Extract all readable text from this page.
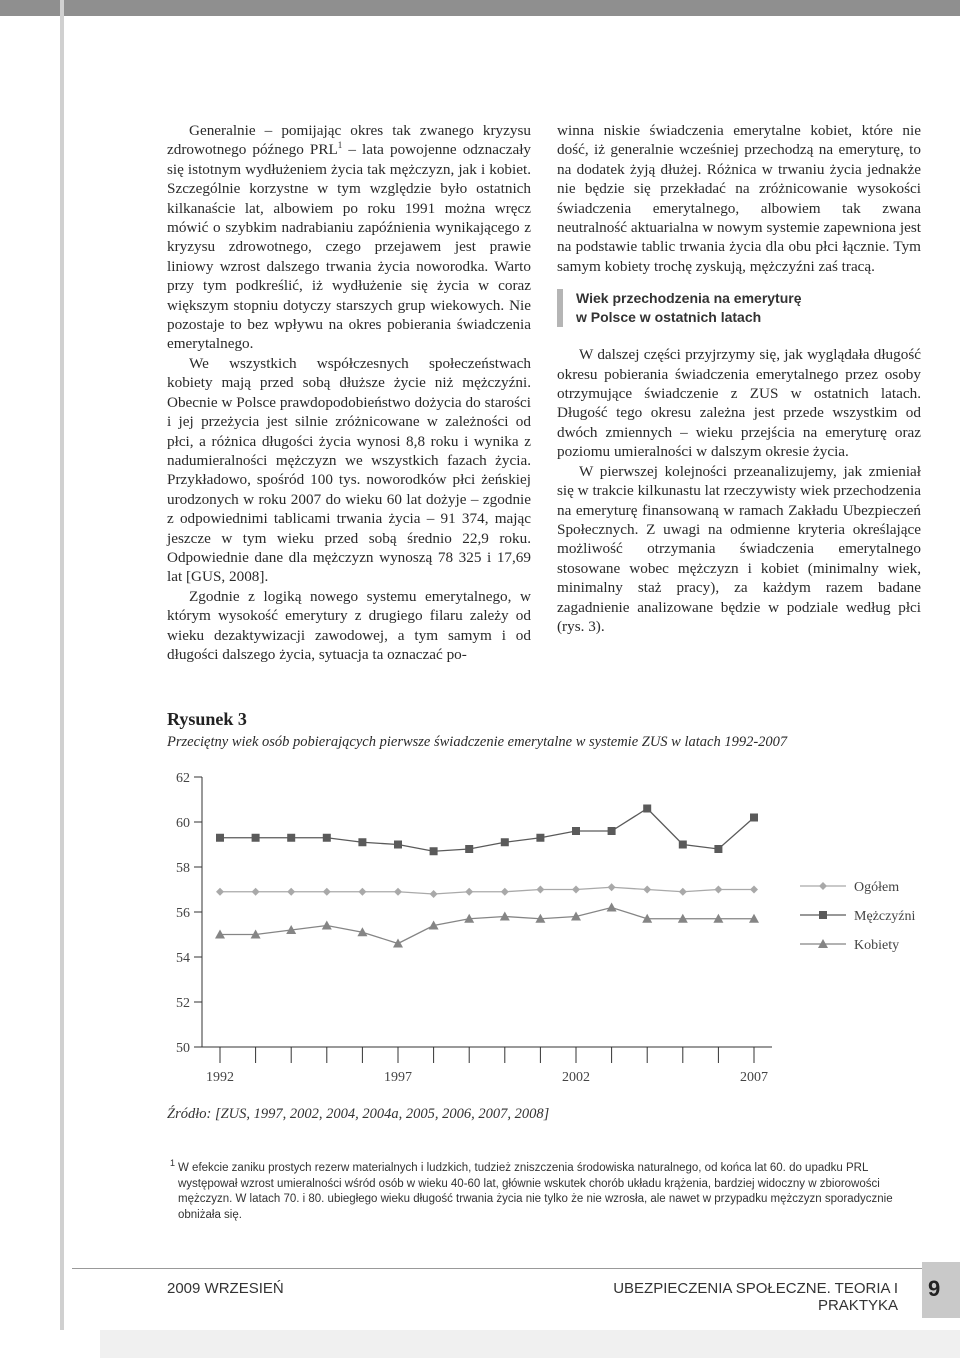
Generalnie – pomijając okres tak zwanego kryzysu zdrowotnego późnego PRL$^1$ – lata powojenne odznaczały się istotnym wydłużeniem życia tak mężczyzn, jak i kobiet. Szczególnie korzystne w tym względzie było ostatnich kilkanaście lat, albowiem po roku 1991 można wręcz mówić o szybkim nadrabianiu zapóźnienia wynikającego z kryzysu zdrowotnego, czego przejawem jest prawie liniowy wzrost dalszego trwania życia noworodka. Warto przy tym podkreślić, iż wydłużenie się życia w coraz większym stopniu dotyczy starszych grup wiekowych. Nie pozostaje to bez wpływu na okres pobierania świadczenia emerytalnego.

We wszystkich współczesnych społeczeństwach kobiety mają przed sobą dłuższe życie niż mężczyźni. Obecnie w Polsce prawdopodobieństwo dożycia do starości i jej przeżycia jest silnie zróżnicowane w zależności od płci, a różnica długości życia wynosi 8,8 roku i wynika z nadumieralności mężczyzn we wszystkich fazach życia. Przykładowo, spośród 100 tys. noworodków płci żeńskiej urodzonych w roku 2007 do wieku 60 lat dożyje – zgodnie z odpowiednimi tablicami trwania życia – 91 374, mając jeszcze w tym wieku przed sobą średnio 22,9 roku. Odpowiednie dane dla mężczyzn wynoszą 78 325 i 17,69 lat [GUS, 2008].

Zgodnie z logiką nowego systemu emerytalnego, w którym wysokość emerytury z drugiego filaru zależy od wieku dezaktywizacji zawodowej, a tym samym i od długości dalszego życia, sytuacja ta oznaczać po-

winna niskie świadczenia emerytalne kobiet, które nie dość, iż generalnie wcześniej przechodzą na emeryturę, to na dodatek żyją dłużej. Różnica w trwaniu życia jednakże nie będzie się przekładać na zróżnicowanie wysokości świadczenia emerytalnego, albowiem tak zwana neutralność aktuarialna w nowym systemie zapewniona jest na podstawie tablic trwania życia dla obu płci łącznie. Tym samym kobiety trochę zyskują, mężczyźni zaś tracą.

Wiek przechodzenia na emeryturę
w Polsce w ostatnich latach

W dalszej części przyjrzymy się, jak wyglądała długość okresu pobierania świadczenia emerytalnego przez osoby otrzymujące świadczenie z ZUS w ostatnich latach. Długość tego okresu zależna jest przede wszystkim od dwóch zmiennych – wieku przejścia na emeryturę oraz poziomu umieralności w dalszym okresie życia.

W pierwszej kolejności przeanalizujemy, jak zmieniał się w trakcie kilkunastu lat rzeczywisty wiek przechodzenia na emeryturę finansowaną w ramach Zakładu Ubezpieczeń Społecznych. Z uwagi na odmienne kryteria określające możliwość otrzymania świadczenia emerytalnego stosowane wobec mężczyzn i kobiet (minimalny wiek, minimalny staż pracy), za każdym razem badane zagadnienie analizowane będzie w podziale według płci (rys. 3).

Rysunek 3
Przeciętny wiek osób pobierających pierwsze świadczenie emerytalne w systemie ZUS w latach 1992-2007
50
52
54
56
58
60
62
1992	1997	2002	2007
Ogółem
Mężczyźni
Kobiety
Źródło: [ZUS, 1997, 2002, 2004, 2004a, 2005, 2006, 2007, 2008]
1 W efekcie zaniku prostych rezerw materialnych i ludzkich, tudzież zniszczenia środowiska naturalnego, od końca lat 60. do upadku PRL występował wzrost umieralności wśród osób w wieku 40-60 lat, głównie wskutek chorób układu krążenia, bardziej widoczny w zbiorowości mężczyzn. W latach 70. i 80. ubiegłego wieku długość trwania życia nie tylko że nie wzrosła, ale nawet w przypadku mężczyzn sporadycznie obniżała się.
2009 WRZESIEŃ	UBEZPIECZENIA SPOŁECZNE. TEORIA I PRAKTYKA
9
